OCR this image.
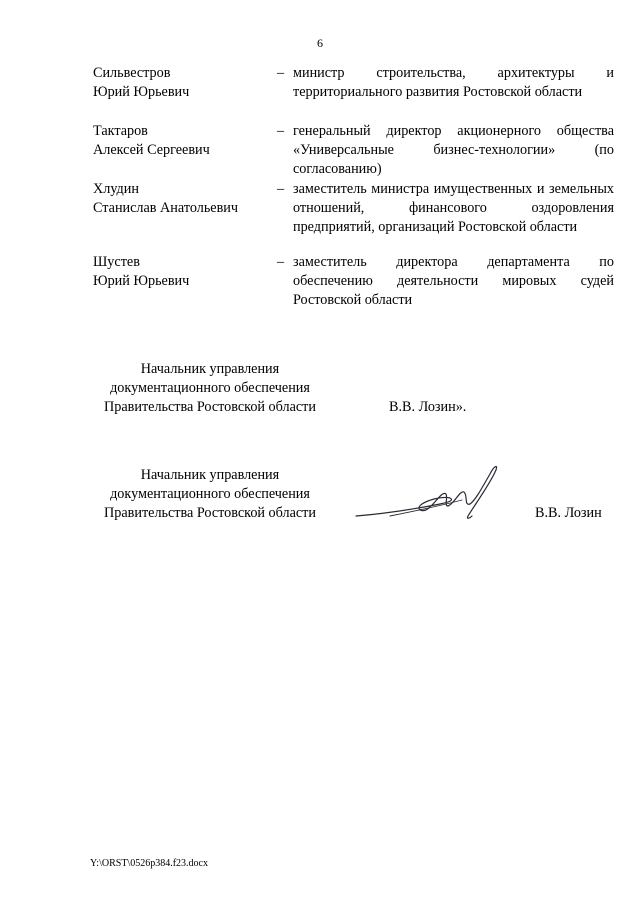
6
Сильвестров
Юрий Юрьевич
– министр строительства, архитектуры и территориального развития Ростовской области
Тактаров
Алексей Сергеевич
– генеральный директор акционерного общества «Универсальные бизнес-технологии» (по согласованию)
Хлудин
Станислав Анатольевич
– заместитель министра имущественных и земельных отношений, финансового оздоровления предприятий, организаций Ростовской области
Шустев
Юрий Юрьевич
– заместитель директора департамента по обеспечению деятельности мировых судей Ростовской области
Начальник управления
документационного обеспечения
Правительства Ростовской области	В.В. Лозин».
Начальник управления
документационного обеспечения
Правительства Ростовской области	В.В. Лозин
Y:\ORST\0526p384.f23.docx
